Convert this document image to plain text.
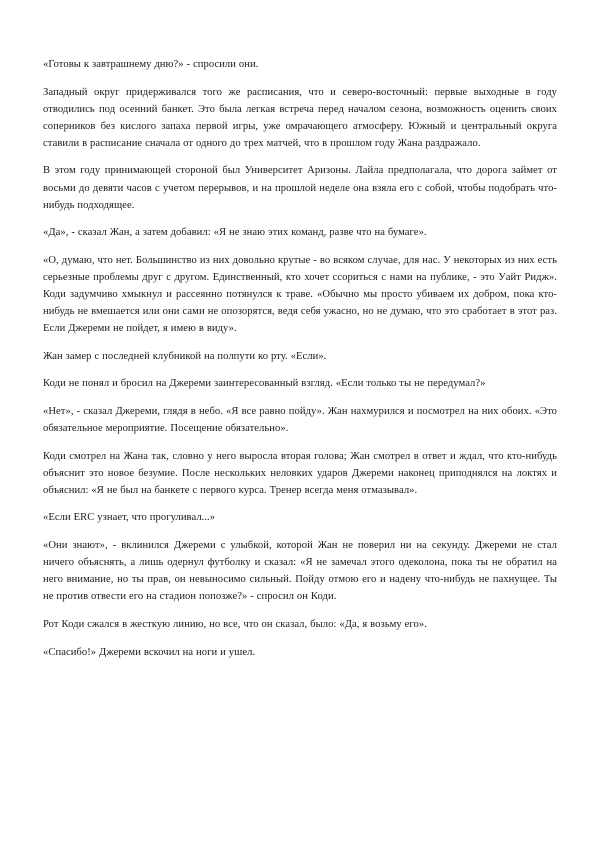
«Готовы к завтрашнему дню?» - спросили они.

Западный округ придерживался того же расписания, что и северо-восточный: первые выходные в году отводились под осенний банкет. Это была легкая встреча перед началом сезона, возможность оценить своих соперников без кислого запаха первой игры, уже омрачающего атмосферу. Южный и центральный округа ставили в расписание сначала от одного до трех матчей, что в прошлом году Жана раздражало.

В этом году принимающей стороной был Университет Аризоны. Лайла предполагала, что дорога займет от восьми до девяти часов с учетом перерывов, и на прошлой неделе она взяла его с собой, чтобы подобрать что-нибудь подходящее.

«Да», - сказал Жан, а затем добавил: «Я не знаю этих команд, разве что на бумаге».

«О, думаю, что нет. Большинство из них довольно крутые - во всяком случае, для нас. У некоторых из них есть серьезные проблемы друг с другом. Единственный, кто хочет ссориться с нами на публике, - это Уайт Ридж». Коди задумчиво хмыкнул и рассеянно потянулся к траве. «Обычно мы просто убиваем их добром, пока кто-нибудь не вмешается или они сами не опозорятся, ведя себя ужасно, но не думаю, что это сработает в этот раз. Если Джереми не пойдет, я имею в виду».

Жан замер с последней клубникой на полпути ко рту. «Если».

Коди не понял и бросил на Джереми заинтересованный взгляд. «Если только ты не передумал?»

«Нет», - сказал Джереми, глядя в небо. «Я все равно пойду». Жан нахмурился и посмотрел на них обоих. «Это обязательное мероприятие. Посещение обязательно».

Коди смотрел на Жана так, словно у него выросла вторая голова; Жан смотрел в ответ и ждал, что кто-нибудь объяснит это новое безумие. После нескольких неловких ударов Джереми наконец приподнялся на локтях и объяснил: «Я не был на банкете с первого курса. Тренер всегда меня отмазывал».

«Если ERC узнает, что прогуливал...»

«Они знают», - вклинился Джереми с улыбкой, которой Жан не поверил ни на секунду. Джереми не стал ничего объяснять, а лишь одернул футболку и сказал: «Я не замечал этого одеколона, пока ты не обратил на него внимание, но ты прав, он невыносимо сильный. Пойду отмою его и надену что-нибудь не пахнущее. Ты не против отвести его на стадион попозже?» - спросил он Коди.

Рот Коди сжался в жесткую линию, но все, что он сказал, было: «Да, я возьму его».

«Спасибо!» Джереми вскочил на ноги и ушел.
